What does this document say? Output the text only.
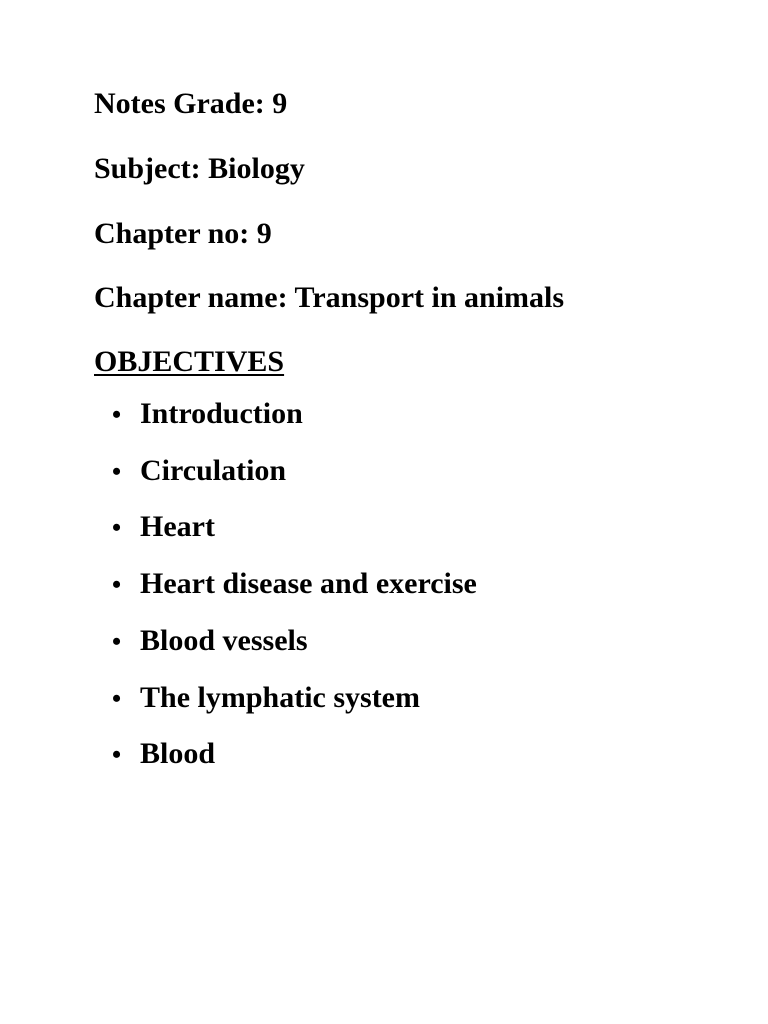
Notes Grade: 9
Subject: Biology
Chapter no: 9
Chapter name: Transport in animals
OBJECTIVES
• Introduction
• Circulation
• Heart
• Heart disease and exercise
• Blood vessels
• The lymphatic system
• Blood
